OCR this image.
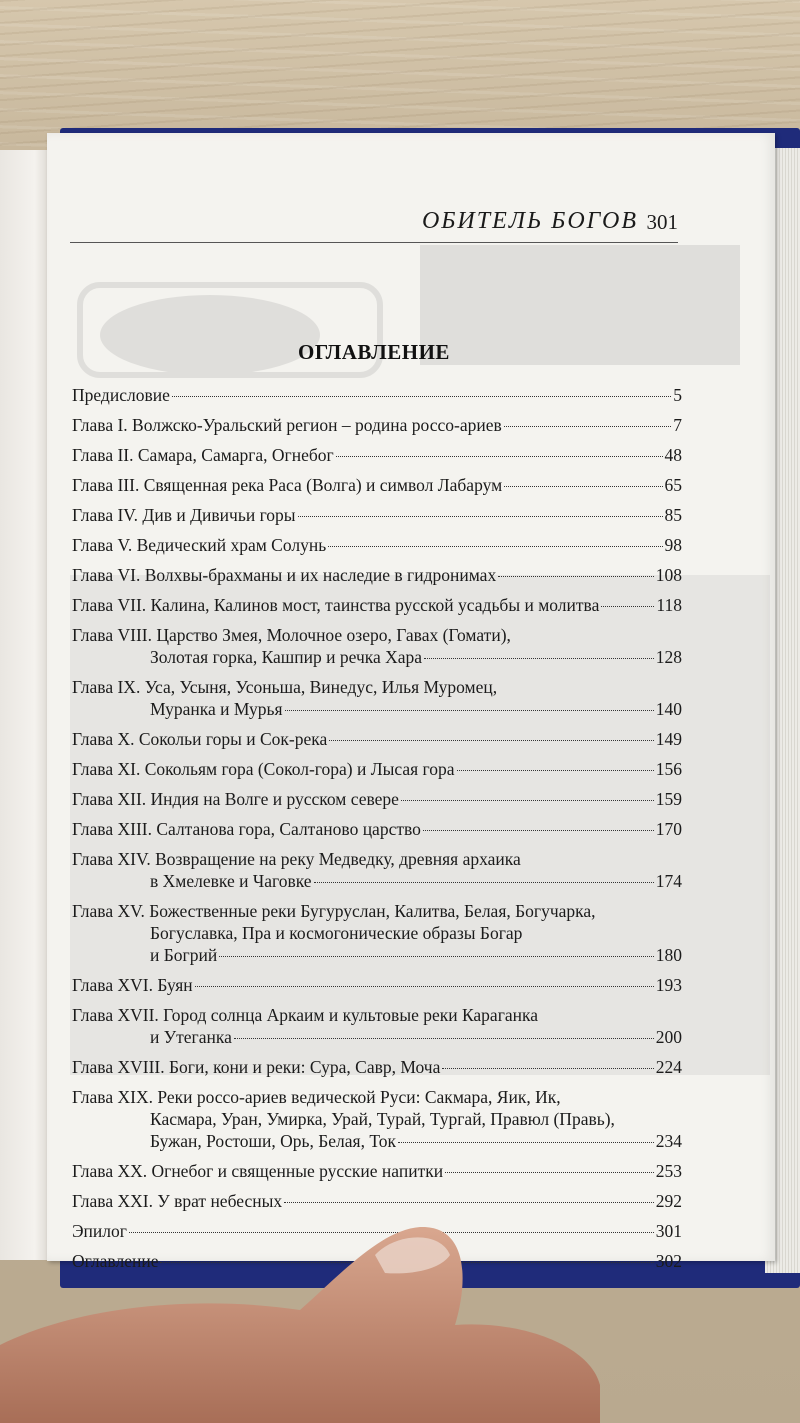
ОБИТЕЛЬ БОГОВ 301
ОГЛАВЛЕНИЕ
Предисловие	5
Глава I. Волжско-Уральский регион – родина россо-ариев	7
Глава II. Самара, Самарга, Огнебог	48
Глава III. Священная река Раса (Волга) и символ Лабарум	65
Глава IV. Див и Дивичьи горы	85
Глава V. Ведический храм Солунь	98
Глава VI. Волхвы-брахманы и их наследие в гидронимах	108
Глава VII. Калина, Калинов мост, таинства русской усадьбы и молитва	118
Глава VIII. Царство Змея, Молочное озеро, Гавах (Гомати),
Золотая горка, Кашпир и речка Хара	128
Глава IX. Уса, Усыня, Усоньша, Винедус, Илья Муромец,
Муранка и Мурья	140
Глава X. Сокольи горы и Сок-река	149
Глава XI. Сокольям гора (Сокол-гора) и Лысая гора	156
Глава XII. Индия на Волге и русском севере	159
Глава XIII. Салтанова гора, Салтаново царство	170
Глава XIV. Возвращение на реку Медведку, древняя архаика
в Хмелевке и Чаговке	174
Глава XV. Божественные реки Бугуруслан, Калитва, Белая, Богучарка,
Богуславка, Пра и космогонические образы Богар
и Богрий	180
Глава XVI. Буян	193
Глава XVII. Город солнца Аркаим и культовые реки Караганка
и Утеганка	200
Глава XVIII. Боги, кони и реки: Сура, Савр, Моча	224
Глава XIX. Реки россо-ариев ведической Руси: Сакмара, Яик, Ик,
Касмара, Уран, Умирка, Урай, Турай, Тургай, Правюл (Правь),
Бужан, Ростоши, Орь, Белая, Ток	234
Глава XX. Огнебог и священные русские напитки	253
Глава XXI. У врат небесных	292
Эпилог	301
Оглавление	302
